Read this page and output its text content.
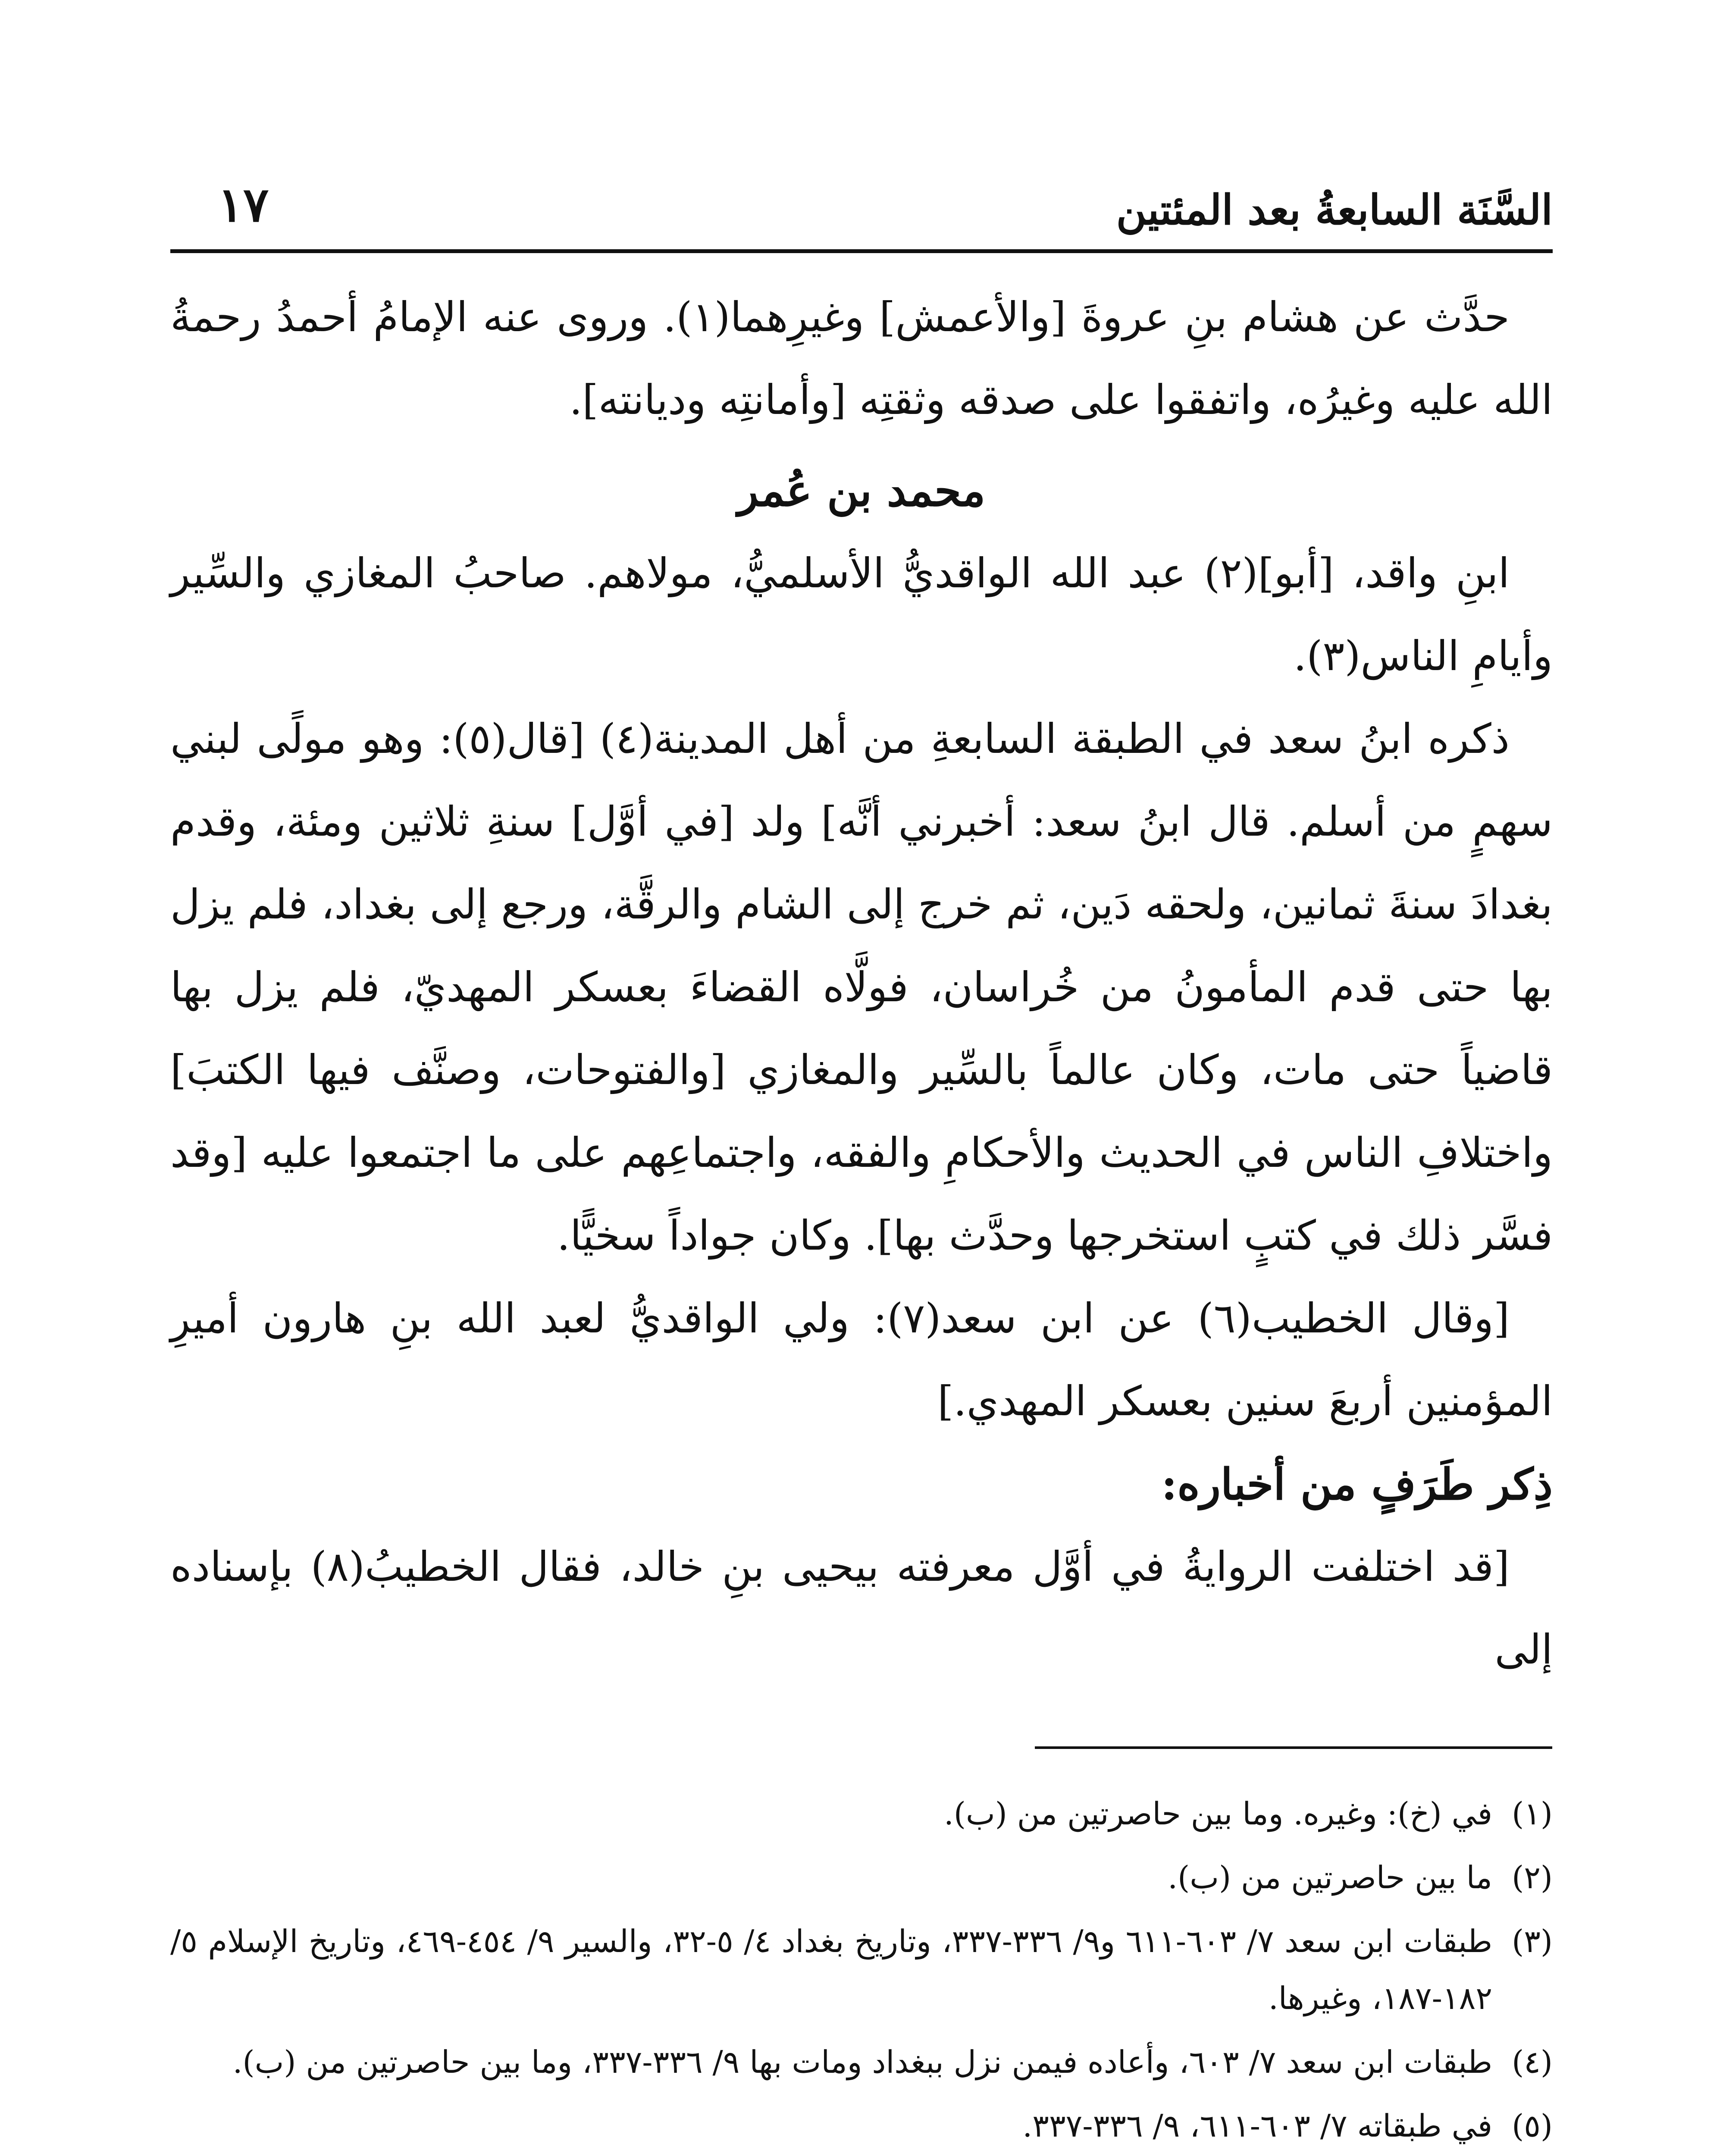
السَّنَة السابعةُ بعد المئتين
١٧

حدَّث عن هشام بنِ عروةَ [والأعمش] وغيرِهما(١). وروى عنه الإمامُ أحمدُ رحمةُ الله عليه وغيرُه، واتفقوا على صدقه وثقتِه [وأمانتِه وديانته].

محمد بن عُمر

ابنِ واقد، [أبو](٢) عبد الله الواقديُّ الأسلميُّ، مولاهم. صاحبُ المغازي والسِّير وأيامِ الناس(٣).

ذكره ابنُ سعد في الطبقة السابعةِ من أهل المدينة(٤) [قال(٥): وهو مولًى لبني سهمٍ من أسلم. قال ابنُ سعد: أخبرني أنَّه] ولد [في أوَّل] سنةِ ثلاثين ومئة، وقدم بغدادَ سنةَ ثمانين، ولحقه دَين، ثم خرج إلى الشام والرقَّة، ورجع إلى بغداد، فلم يزل بها حتى قدم المأمونُ من خُراسان، فولَّاه القضاءَ بعسكر المهديّ، فلم يزل بها قاضياً حتى مات، وكان عالماً بالسِّير والمغازي [والفتوحات، وصنَّف فيها الكتبَ] واختلافِ الناس في الحديث والأحكامِ والفقه، واجتماعِهم على ما اجتمعوا عليه [وقد فسَّر ذلك في كتبٍ استخرجها وحدَّث بها]. وكان جواداً سخيًّا.

[وقال الخطيب(٦) عن ابن سعد(٧): ولي الواقديُّ لعبد الله بنِ هارون أميرِ المؤمنين أربعَ سنين بعسكر المهدي.]

ذِكر طَرَفٍ من أخباره:

[قد اختلفت الروايةُ في أوَّل معرفته بيحيى بنِ خالد، فقال الخطيبُ(٨) بإسناده إلى

(١)
في (خ): وغيره. وما بين حاصرتين من (ب).
(٢)
ما بين حاصرتين من (ب).
(٣)
طبقات ابن سعد ٧/ ٦٠٣-٦١١ و٩/ ٣٣٦-٣٣٧، وتاريخ بغداد ٤/ ٥-٣٢، والسير ٩/ ٤٥٤-٤٦٩، وتاريخ الإسلام ٥/ ١٨٢-١٨٧، وغيرها.
(٤)
طبقات ابن سعد ٧/ ٦٠٣، وأعاده فيمن نزل ببغداد ومات بها ٩/ ٣٣٦-٣٣٧، وما بين حاصرتين من (ب).
(٥)
في طبقاته ٧/ ٦٠٣-٦١١، ٩/ ٣٣٦-٣٣٧.
